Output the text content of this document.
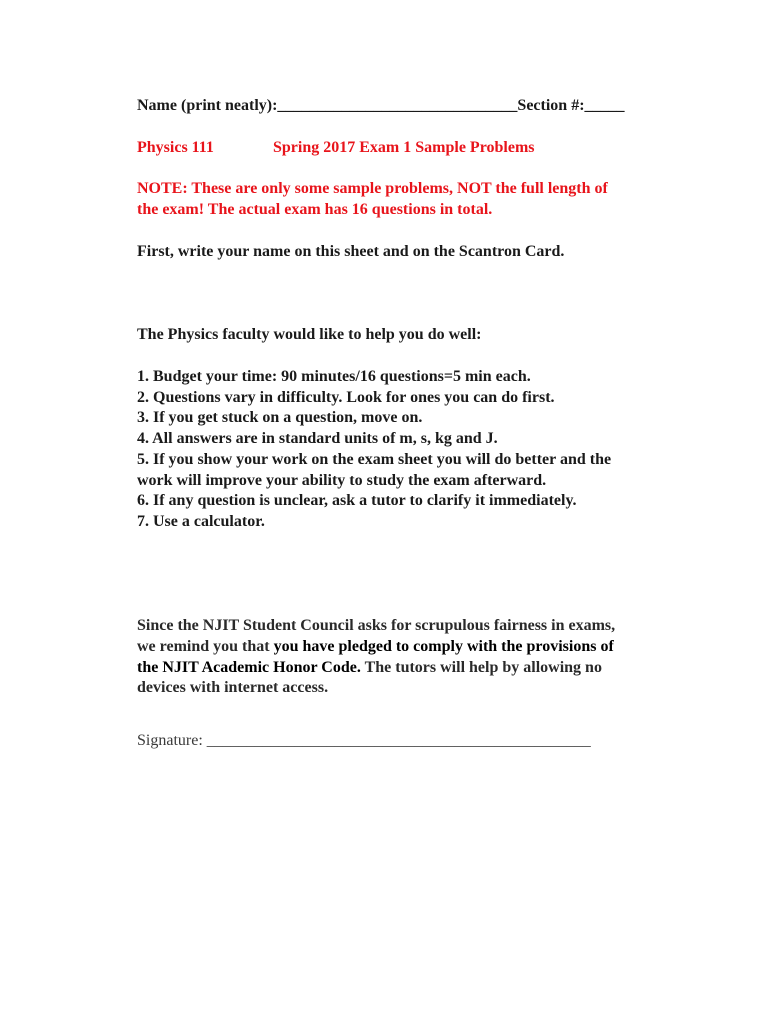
Name (print neatly):______________________________Section #:_____
Physics 111	Spring 2017 Exam 1 Sample Problems
NOTE: These are only some sample problems, NOT the full length of
the exam! The actual exam has 16 questions in total.
First, write your name on this sheet and on the Scantron Card.
The Physics faculty would like to help you do well:
1. Budget your time: 90 minutes/16 questions=5 min each.
2. Questions vary in difficulty. Look for ones you can do first.
3. If you get stuck on a question, move on.
4. All answers are in standard units of m, s, kg and J.
5. If you show your work on the exam sheet you will do better and the
work will improve your ability to study the exam afterward.
6. If any question is unclear, ask a tutor to clarify it immediately.
7. Use a calculator.
Since the NJIT Student Council asks for scrupulous fairness in exams,
we remind you that you have pledged to comply with the provisions of
the NJIT Academic Honor Code. The tutors will help by allowing no
devices with internet access.
Signature: ________________________________________________
